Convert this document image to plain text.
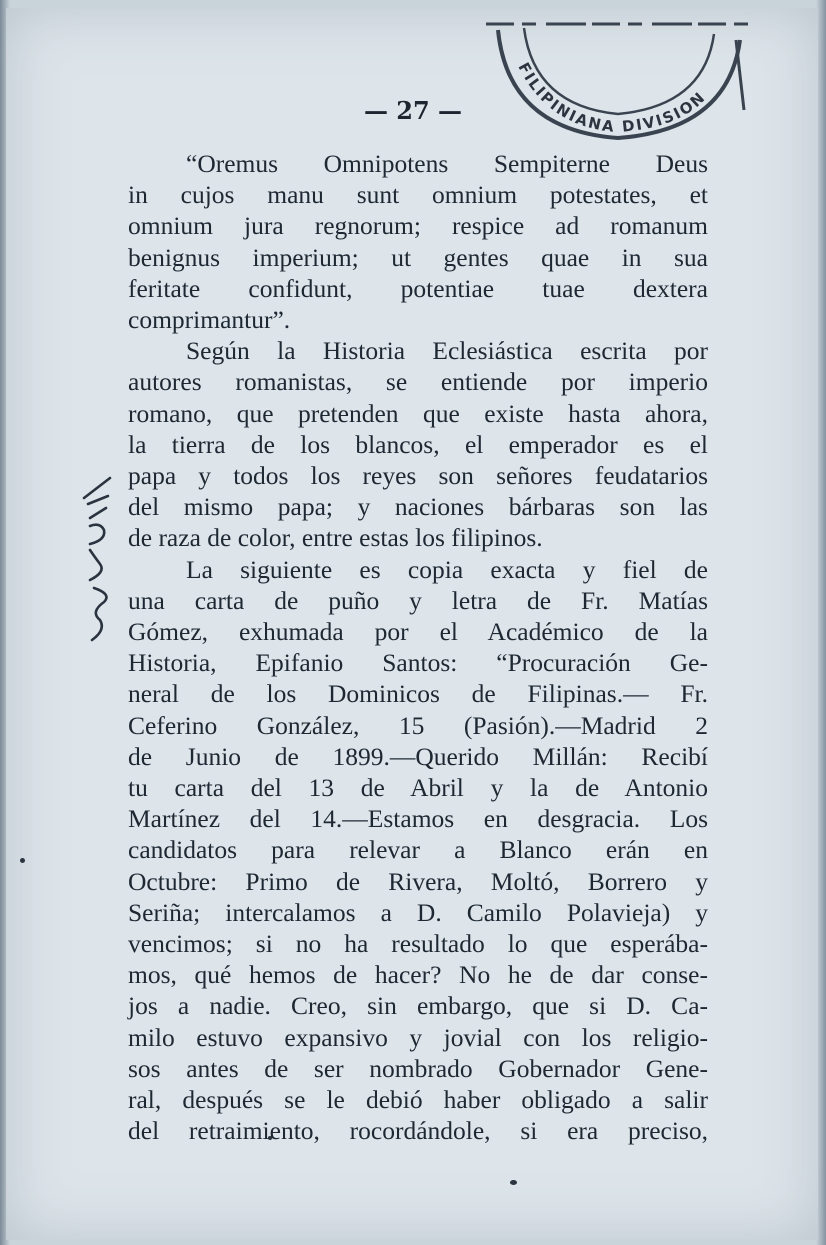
FILIPINIANA DIVISION
— 27 —
“Oremus Omnipotens Sempiterne Deus
in cujos manu sunt omnium potestates, et
omnium jura regnorum; respice ad romanum
benignus imperium; ut gentes quae in sua
feritate confidunt, potentiae tuae dextera
comprimantur”.
Según la Historia Eclesiástica escrita por
autores romanistas, se entiende por imperio
romano, que pretenden que existe hasta ahora,
la tierra de los blancos, el emperador es el
papa y todos los reyes son señores feudatarios
del mismo papa; y naciones bárbaras son las
de raza de color, entre estas los filipinos.
La siguiente es copia exacta y fiel de
una carta de puño y letra de Fr. Matías
Gómez, exhumada por el Académico de la
Historia, Epifanio Santos: “Procuración Ge-
neral de los Dominicos de Filipinas.— Fr.
Ceferino González, 15 (Pasión).—Madrid 2
de Junio de 1899.—Querido Millán: Recibí
tu carta del 13 de Abril y la de Antonio
Martínez del 14.—Estamos en desgracia. Los
candidatos para relevar a Blanco erán en
Octubre: Primo de Rivera, Moltó, Borrero y
Seriña; intercalamos a D. Camilo Polavieja) y
vencimos; si no ha resultado lo que esperába-
mos, qué hemos de hacer? No he de dar conse-
jos a nadie. Creo, sin embargo, que si D. Ca-
milo estuvo expansivo y jovial con los religio-
sos antes de ser nombrado Gobernador Gene-
ral, después se le debió haber obligado a salir
del retraimiento, rocordándole, si era preciso,
